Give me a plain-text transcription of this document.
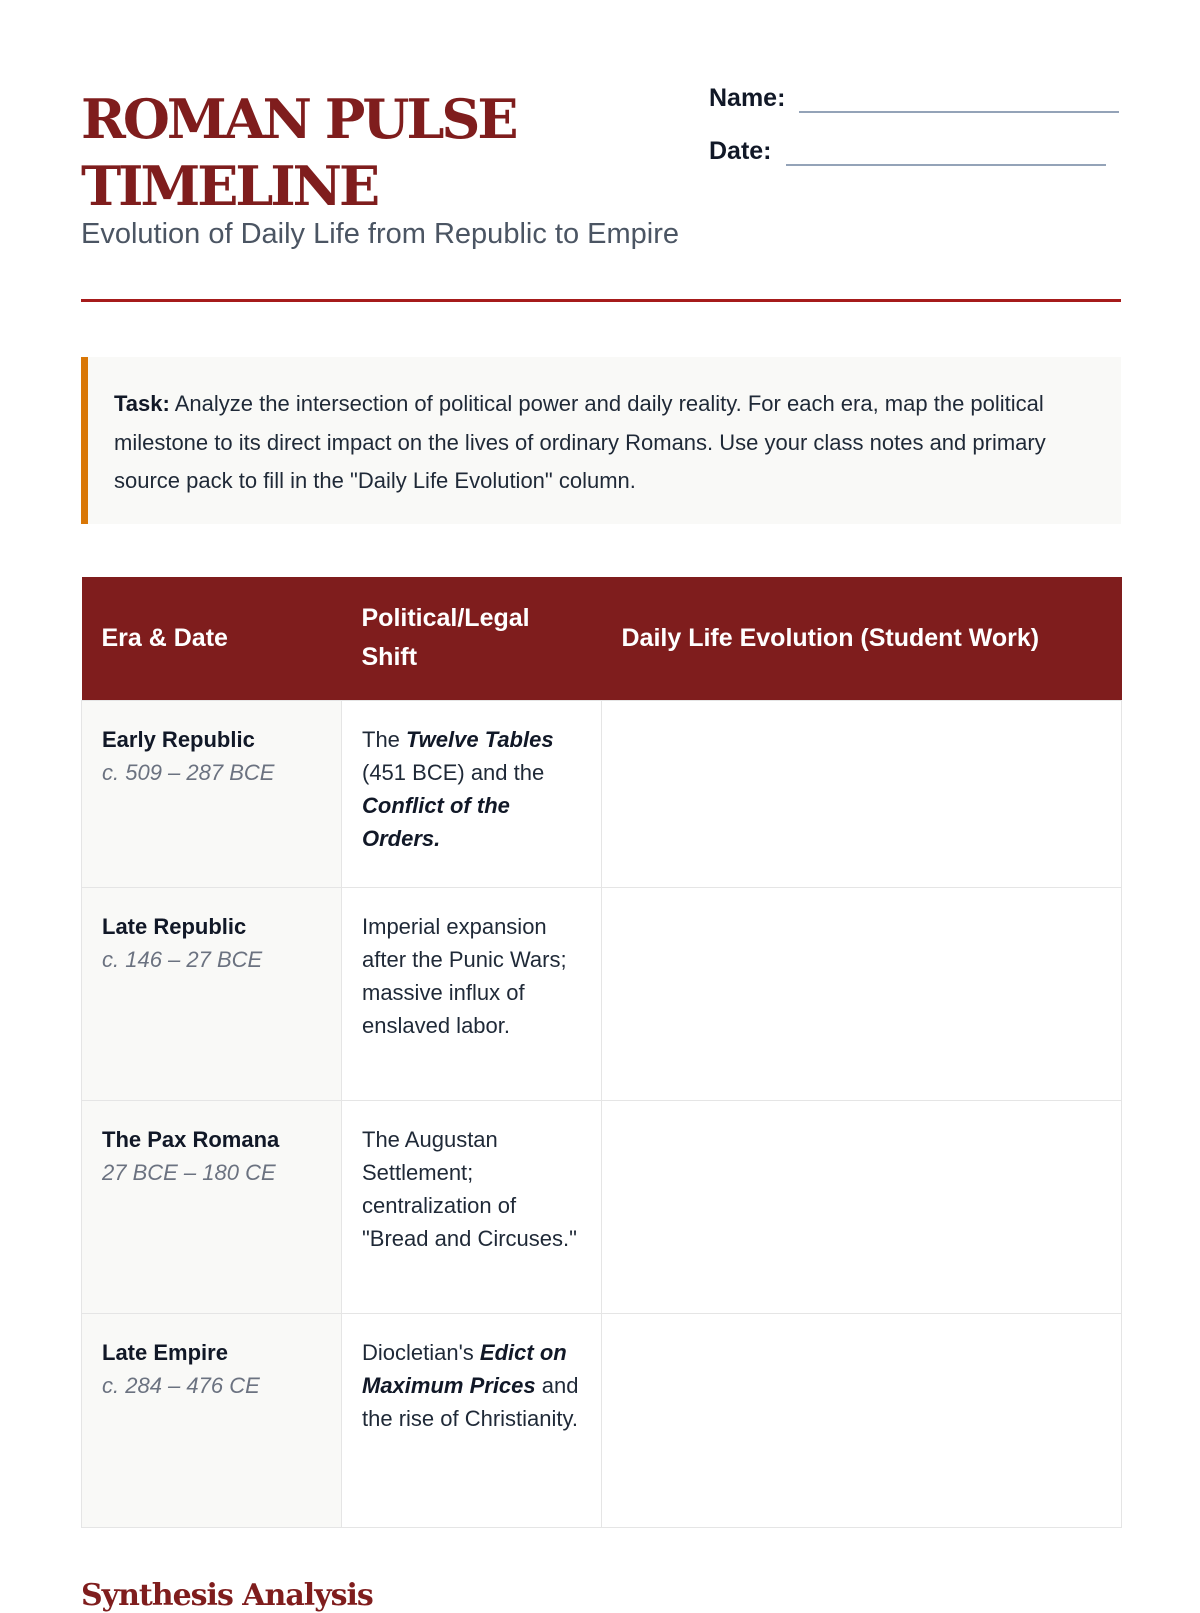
ROMAN PULSE TIMELINE
Evolution of Daily Life from Republic to Empire
Name:
Date:
Task: Analyze the intersection of political power and daily reality. For each era, map the political milestone to its direct impact on the lives of ordinary Romans. Use your class notes and primary source pack to fill in the "Daily Life Evolution" column.
Era & Date	Political/Legal Shift	Daily Life Evolution (Student Work)

Early Republic
c. 509 – 287 BCE	The Twelve Tables (451 BCE) and the Conflict of the Orders.	

Late Republic
c. 146 – 27 BCE	Imperial expansion after the Punic Wars; massive influx of enslaved labor.	

The Pax Romana
27 BCE – 180 CE	The Augustan Settlement; centralization of "Bread and Circuses."	

Late Empire
c. 284 – 476 CE	Diocletian's Edict on Maximum Prices and the rise of Christianity.	
Synthesis Analysis
